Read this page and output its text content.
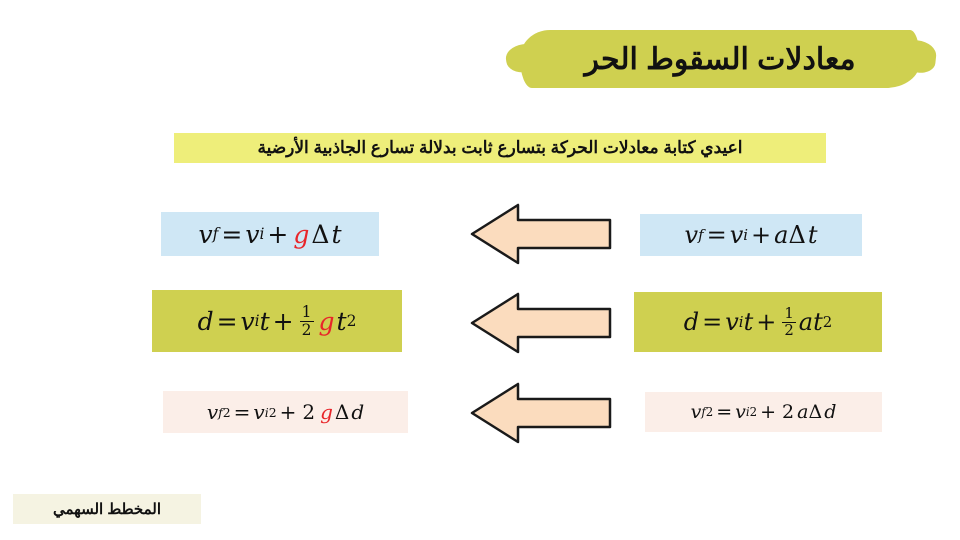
معادلات السقوط الحر
اعيدي كتابة معادلات الحركة بتسارع ثابت بدلالة تسارع الجاذبية الأرضية
v f = v i + g Δ t
d = v i $t + \frac{1}{2}$ g t 2
v f 2 = v i 2 + 2 g Δ d
v f = v i + a Δ t
d = v i $t + \frac{1}{2}$ a t 2
v f 2 = v i 2 + 2 a Δ d
المخطط السهمي
